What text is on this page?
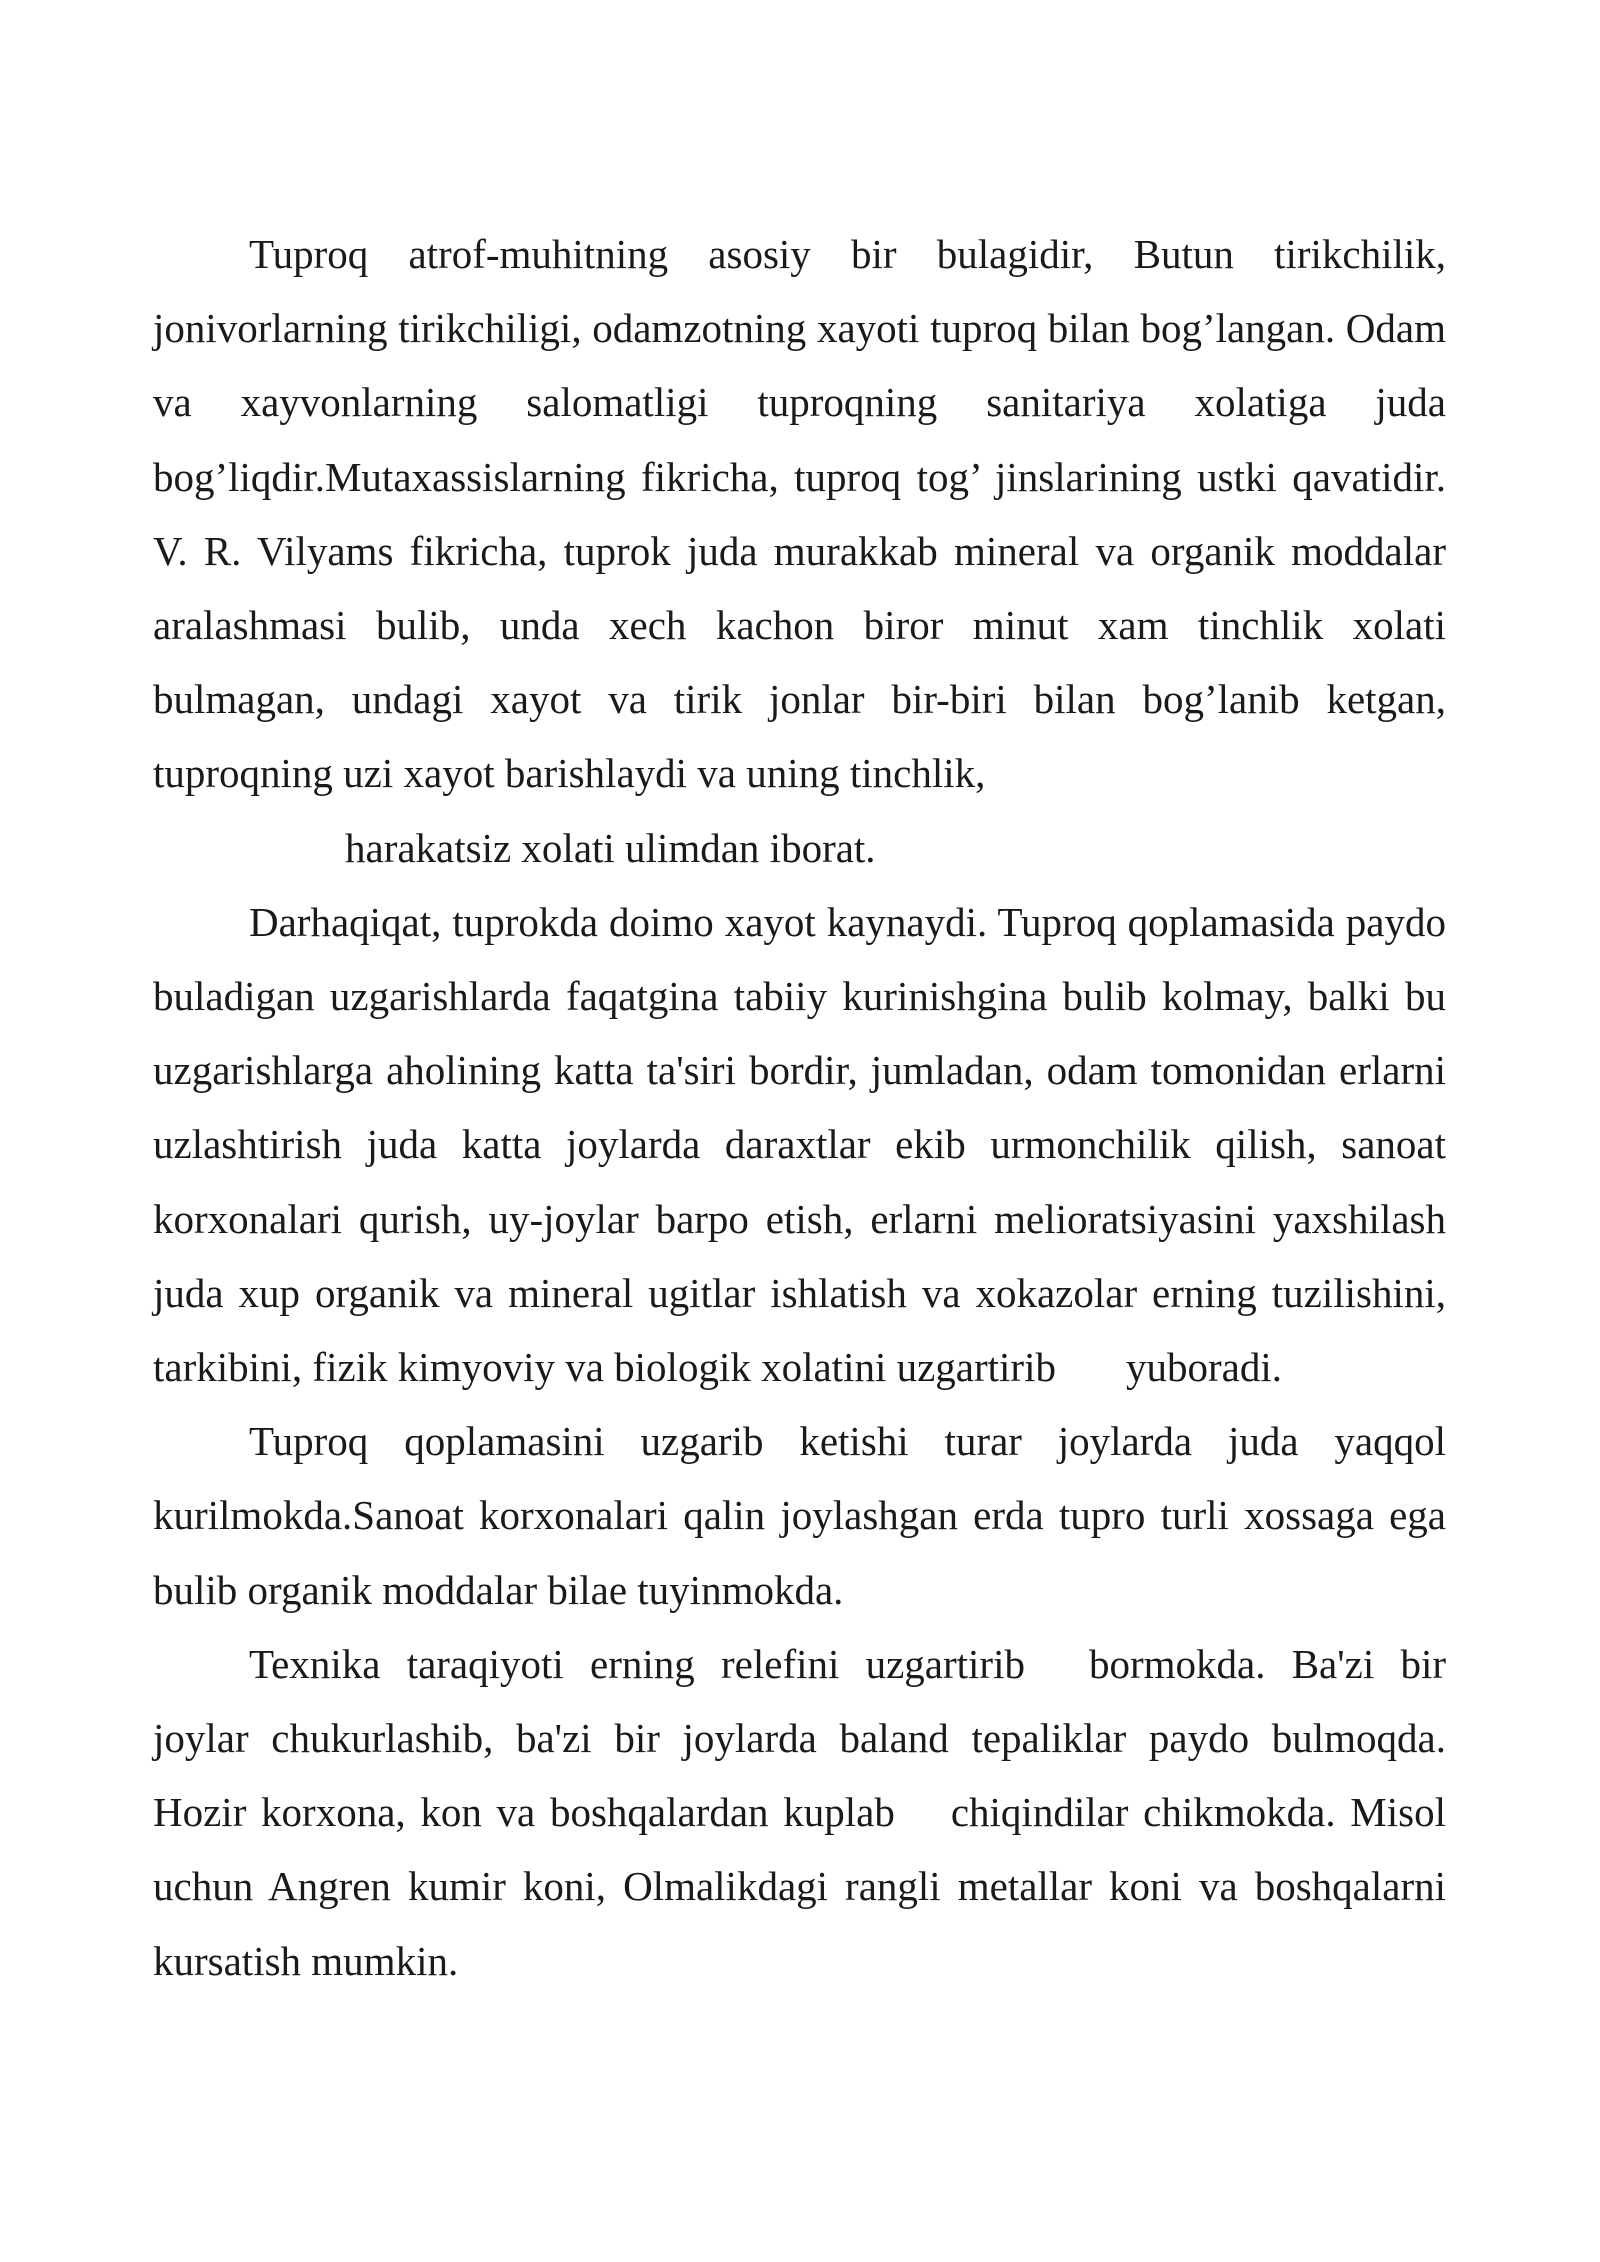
Tuproq atrof-muhitning asosiy bir bulagidir, Butun tirikchilik, jonivorlarning tirikchiligi, odamzotning xayoti tuproq bilan bog’langan. Odam va xayvonlarning salomatligi tuproqning sanitariya xolatiga juda bog’liqdir.Mutaxassislarning fikricha, tuproq tog’ jinslarining ustki qavatidir. V. R. Vilyams fikricha, tuprok juda murakkab mineral va organik moddalar aralashmasi bulib, unda xech kachon biror minut xam tinchlik xolati bulmagan, undagi xayot va tirik jonlar bir-biri bilan bog’lanib ketgan, tuproqning uzi xayot barishlaydi va uning tinchlik,
harakatsiz xolati ulimdan iborat.

Darhaqiqat, tuprokda doimo xayot kaynaydi. Tuproq qoplamasida paydo buladigan uzgarishlarda faqatgina tabiiy kurinishgina bulib kolmay, balki bu uzgarishlarga aholining katta ta'siri bordir, jumladan, odam tomonidan erlarni uzlashtirish juda katta joylarda daraxtlar ekib urmonchilik qilish, sanoat korxonalari qurish, uy-joylar barpo etish, erlarni melioratsiyasini yaxshilash juda xup organik va mineral ugitlar ishlatish va xokazolar erning tuzilishini, tarkibini, fizik kimyoviy va biologik xolatini uzgartirib yuboradi.

Tuproq qoplamasini uzgarib ketishi turar joylarda juda yaqqol kurilmokda.Sanoat korxonalari qalin joylashgan erda tupro turli xossaga ega bulib organik moddalar bilae tuyinmokda.

Texnika taraqiyoti erning relefini uzgartirib bormokda. Ba'zi bir joylar chukurlashib, ba'zi bir joylarda baland tepaliklar paydo bulmoqda. Hozir korxona, kon va boshqalardan kuplab chiqindilar chikmokda. Misol uchun Angren kumir koni, Olmalikdagi rangli metallar koni va boshqalarni kursatish mumkin.
